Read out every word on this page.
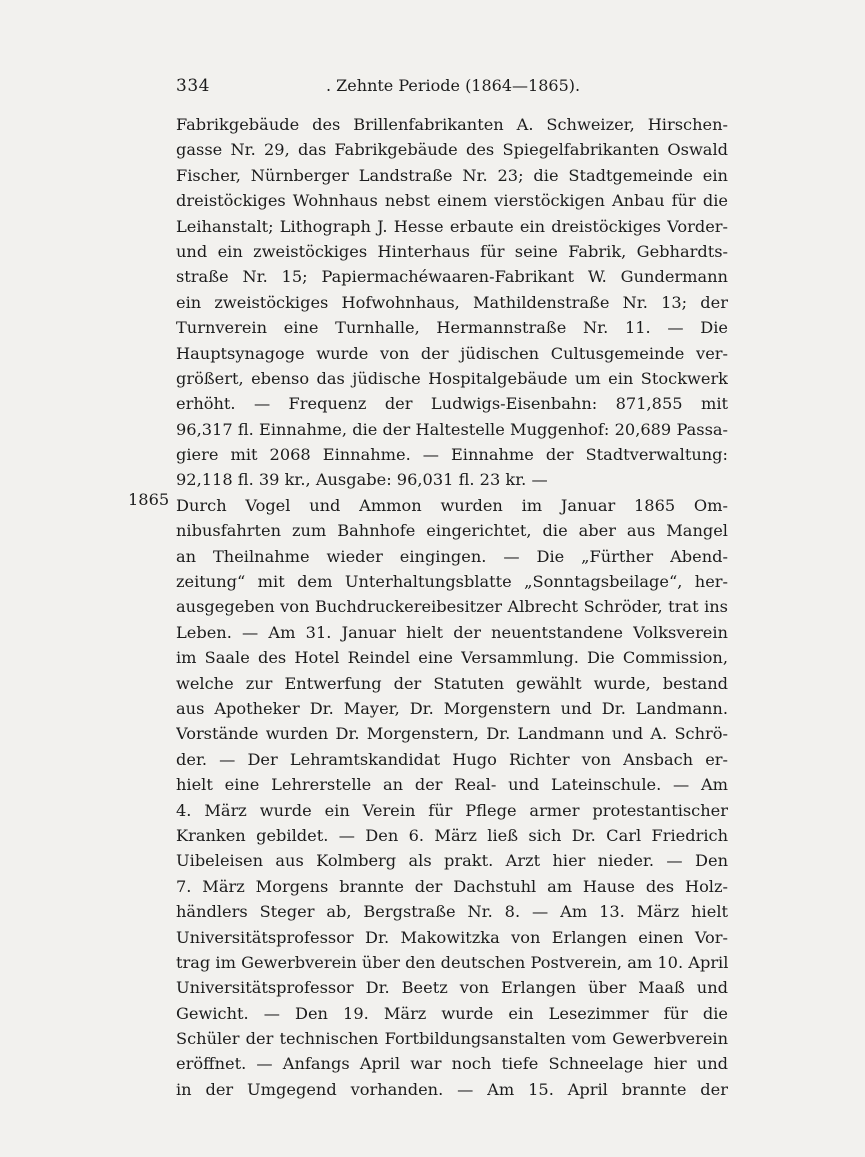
334	. Zehnte Periode (1864—1865).
1865
Fabrikgebäude des Brillenfabrikanten A. Schweizer, Hirschen-
gasse Nr. 29, das Fabrikgebäude des Spiegelfabrikanten Oswald
Fischer, Nürnberger Landstraße Nr. 23; die Stadtgemeinde ein
dreistöckiges Wohnhaus nebst einem vierstöckigen Anbau für die
Leihanstalt; Lithograph J. Hesse erbaute ein dreistöckiges Vorder-
und ein zweistöckiges Hinterhaus für seine Fabrik, Gebhardts-
straße Nr. 15; Papiermachéwaaren-Fabrikant W. Gundermann
ein zweistöckiges Hofwohnhaus, Mathildenstraße Nr. 13; der
Turnverein eine Turnhalle, Hermannstraße Nr. 11. — Die
Hauptsynagoge wurde von der jüdischen Cultusgemeinde ver-
größert, ebenso das jüdische Hospitalgebäude um ein Stockwerk
erhöht. — Frequenz der Ludwigs-Eisenbahn: 871,855 mit
96,317 fl. Einnahme, die der Haltestelle Muggenhof: 20,689 Passa-
giere mit 2068 Einnahme. — Einnahme der Stadtverwaltung:
92,118 fl. 39 kr., Ausgabe: 96,031 fl. 23 kr. —
Durch Vogel und Ammon wurden im Januar 1865 Om-
nibusfahrten zum Bahnhofe eingerichtet, die aber aus Mangel
an Theilnahme wieder eingingen. — Die „Fürther Abend-
zeitung“ mit dem Unterhaltungsblatte „Sonntagsbeilage“, her-
ausgegeben von Buchdruckereibesitzer Albrecht Schröder, trat ins
Leben. — Am 31. Januar hielt der neuentstandene Volksverein
im Saale des Hotel Reindel eine Versammlung. Die Commission,
welche zur Entwerfung der Statuten gewählt wurde, bestand
aus Apotheker Dr. Mayer, Dr. Morgenstern und Dr. Landmann.
Vorstände wurden Dr. Morgenstern, Dr. Landmann und A. Schrö-
der. — Der Lehramtskandidat Hugo Richter von Ansbach er-
hielt eine Lehrerstelle an der Real- und Lateinschule. — Am
4. März wurde ein Verein für Pflege armer protestantischer
Kranken gebildet. — Den 6. März ließ sich Dr. Carl Friedrich
Uibeleisen aus Kolmberg als prakt. Arzt hier nieder. — Den
7. März Morgens brannte der Dachstuhl am Hause des Holz-
händlers Steger ab, Bergstraße Nr. 8. — Am 13. März hielt
Universitätsprofessor Dr. Makowitzka von Erlangen einen Vor-
trag im Gewerbverein über den deutschen Postverein, am 10. April
Universitätsprofessor Dr. Beetz von Erlangen über Maaß und
Gewicht. — Den 19. März wurde ein Lesezimmer für die
Schüler der technischen Fortbildungsanstalten vom Gewerbverein
eröffnet. — Anfangs April war noch tiefe Schneelage hier und
in der Umgegend vorhanden. — Am 15. April brannte der
